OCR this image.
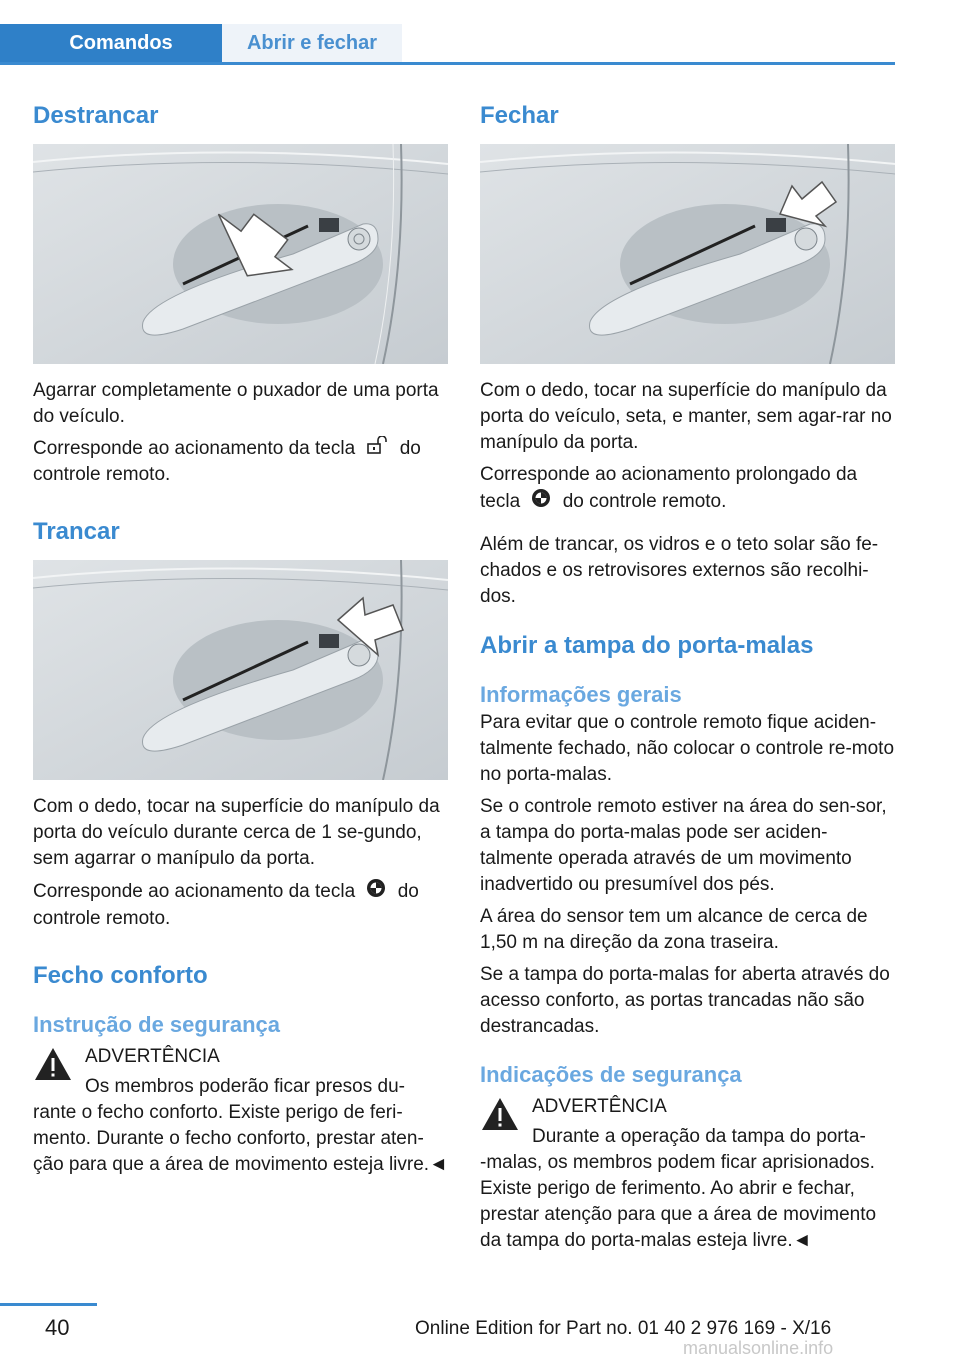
Comandos	Abrir e fechar
Destrancar

Agarrar completamente o puxador de uma porta do veículo.

Corresponde ao acionamento da tecla do controle remoto.

Trancar

Com o dedo, tocar na superfície do manípulo da porta do veículo durante cerca de 1 se‐gundo, sem agarrar o manípulo da porta.

Corresponde ao acionamento da tecla do controle remoto.

Fecho conforto
Instrução de segurança

ADVERTÊNCIA

Os membros poderão ficar presos du‐

rante o fecho conforto. Existe perigo de feri‐mento. Durante o fecho conforto, prestar aten‐ção para que a área de movimento esteja livre.◄

Fechar

Com o dedo, tocar na superfície do manípulo da porta do veículo, seta, e manter, sem agar‐rar no manípulo da porta.

Corresponde ao acionamento prolongado da tecla do controle remoto.

Além de trancar, os vidros e o teto solar são fe‐chados e os retrovisores externos são recolhi‐dos.

Abrir a tampa do porta-malas
Informações gerais

Para evitar que o controle remoto fique aciden‐talmente fechado, não colocar o controle re‐moto no porta-malas.

Se o controle remoto estiver na área do sen‐sor, a tampa do porta-malas pode ser aciden‐talmente operada através de um movimento inadvertido ou presumível dos pés.

A área do sensor tem um alcance de cerca de 1,50 m na direção da zona traseira.

Se a tampa do porta-malas for aberta através do acesso conforto, as portas trancadas não são destrancadas.

Indicações de segurança

ADVERTÊNCIA

Durante a operação da tampa do porta‐

-malas, os membros podem ficar aprisionados. Existe perigo de ferimento. Ao abrir e fechar, prestar atenção para que a área de movimento da tampa do porta-malas esteja livre.◄

40	Online Edition for Part no. 01 40 2 976 169 - X/16
manualsonline.info
